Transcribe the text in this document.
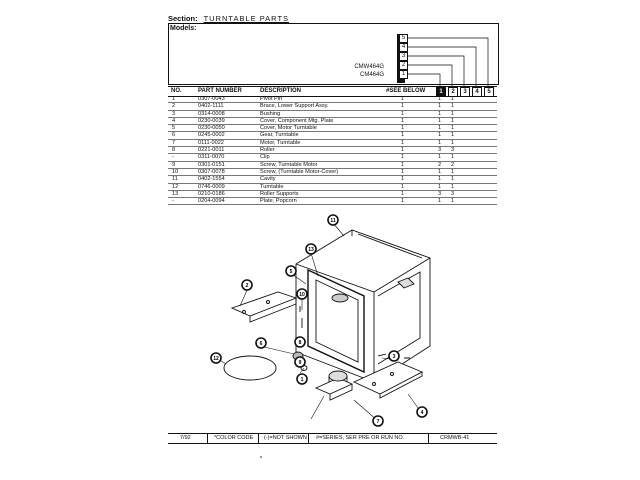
Section: TURNTABLE PARTS
Models:
CMW464G
CM464G
5
4
3
2
1
NO.	PART NUMBER	DESCRIPTION	#SEE BELOW	1	2	3	4	5
1	0307-0043	Pivot Pin	1	1 1
2	0402-1111	Brace, Lower Support Assy.	1	1 1
3	0314-0008	Bushing	1	1 1
4	0230-0039	Cover, Component Mtg. Plate	1	1 1
5	0230-0050	Cover, Motor Turntable	1	1 1
6	0245-0002	Gear, Turntable	1	1 1
7	0111-0022	Motor, Turntable	1	1 1
8	0221-0011	Roller	1	3 3
-	0311-0070	Clip	1	1 1
9	0301-0151	Screw, Turntable Motor	1	2 2
10	0307-0078	Screw, (Turntable Motor-Cover)	1	1 1
11	0402-1554	Cavity	1	1 1
12	0746-0009	Turntable	1	1 1
13	0210-0186	Roller Supports	1	3 3
-	0204-0094	Plate, Popcorn	1	1 1
11
13
5
2
10
6	8
9
1
12	3
4
7
7/92	*COLOR CODE (-)=NOT SHOWN #=SERIES, SER PRE OR RUN NO.	CRMWB-41
